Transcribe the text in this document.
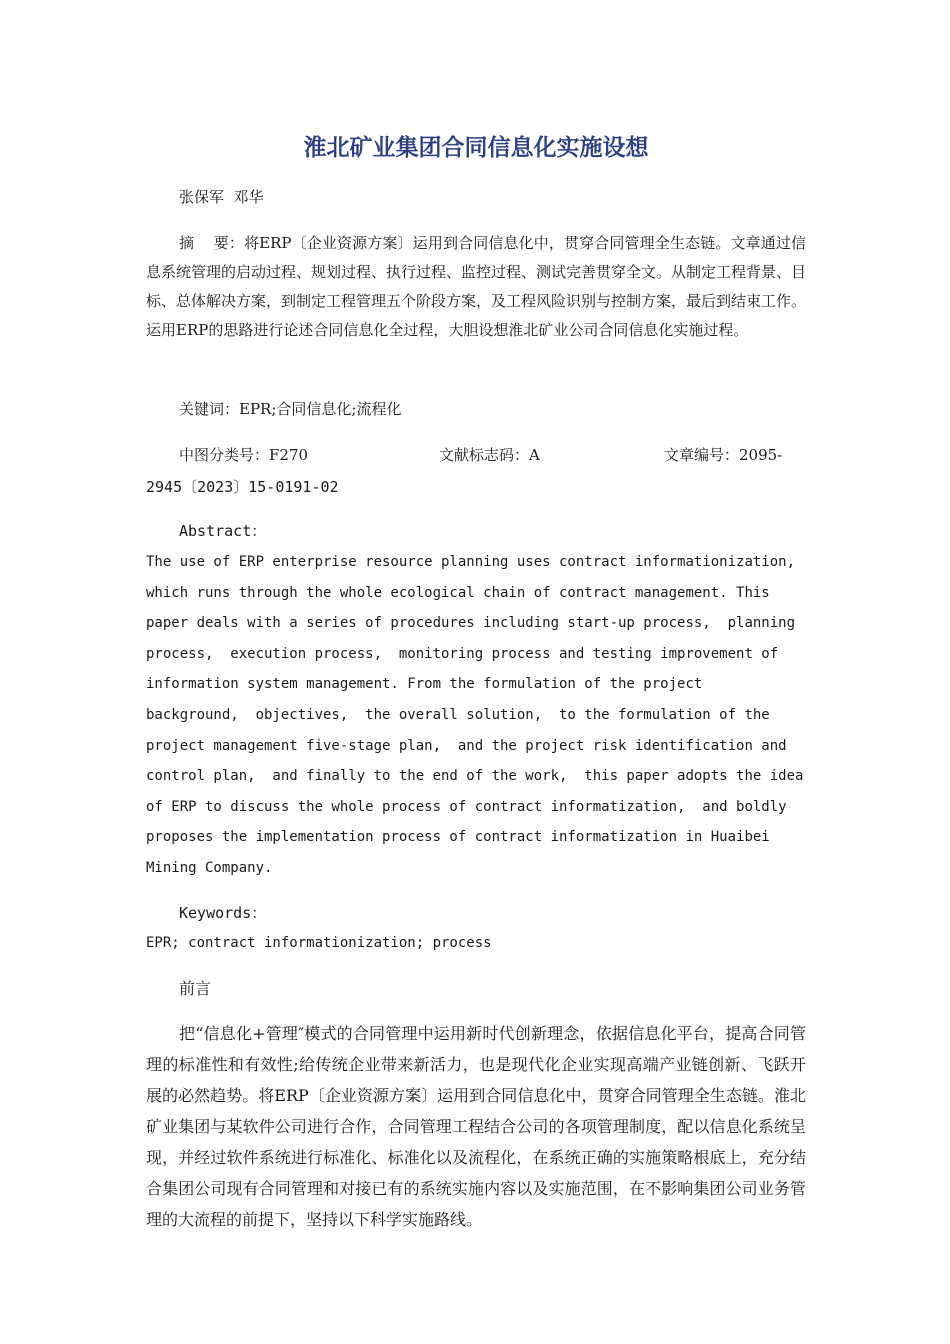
淮北矿业集团合同信息化实施设想
张保军  邓华

摘    要：将ERP〔企业资源方案〕运用到合同信息化中，贯穿合同管理全生态链。文章通过信息系统管理的启动过程、规划过程、执行过程、监控过程、测试完善贯穿全文。从制定工程背景、目标、总体解决方案，到制定工程管理五个阶段方案，及工程风险识别与控制方案，最后到结束工作。运用ERP的思路进行论述合同信息化全过程，大胆设想淮北矿业公司合同信息化实施过程。

关键词：EPR;合同信息化;流程化
中图分类号：F270	文献标志码：A	文章编号：2095-
2945〔2023〕15-0191-02
Abstract：
The use of ERP enterprise resource planning uses contract informationization,
which runs through the whole ecological chain of contract management. This
paper deals with a series of procedures including start-up process,  planning
process,  execution process,  monitoring process and testing improvement of
information system management. From the formulation of the project
background,  objectives,  the overall solution,  to the formulation of the
project management five-stage plan,  and the project risk identification and
control plan,  and finally to the end of the work,  this paper adopts the idea
of ERP to discuss the whole process of contract informatization,  and boldly
proposes the implementation process of contract informatization in Huaibei
Mining Company.
Keywords：
EPR; contract informationization; process
前言

把“信息化+管理″模式的合同管理中运用新时代创新理念，依据信息化平台，提高合同管理的标准性和有效性;给传统企业带来新活力，也是现代化企业实现高端产业链创新、飞跃开展的必然趋势。将ERP〔企业资源方案〕运用到合同信息化中，贯穿合同管理全生态链。淮北矿业集团与某软件公司进行合作，合同管理工程结合公司的各项管理制度，配以信息化系统呈现，并经过软件系统进行标准化、标准化以及流程化，在系统正确的实施策略根底上，充分结合集团公司现有合同管理和对接已有的系统实施内容以及实施范围，在不影响集团公司业务管理的大流程的前提下，坚持以下科学实施路线。
